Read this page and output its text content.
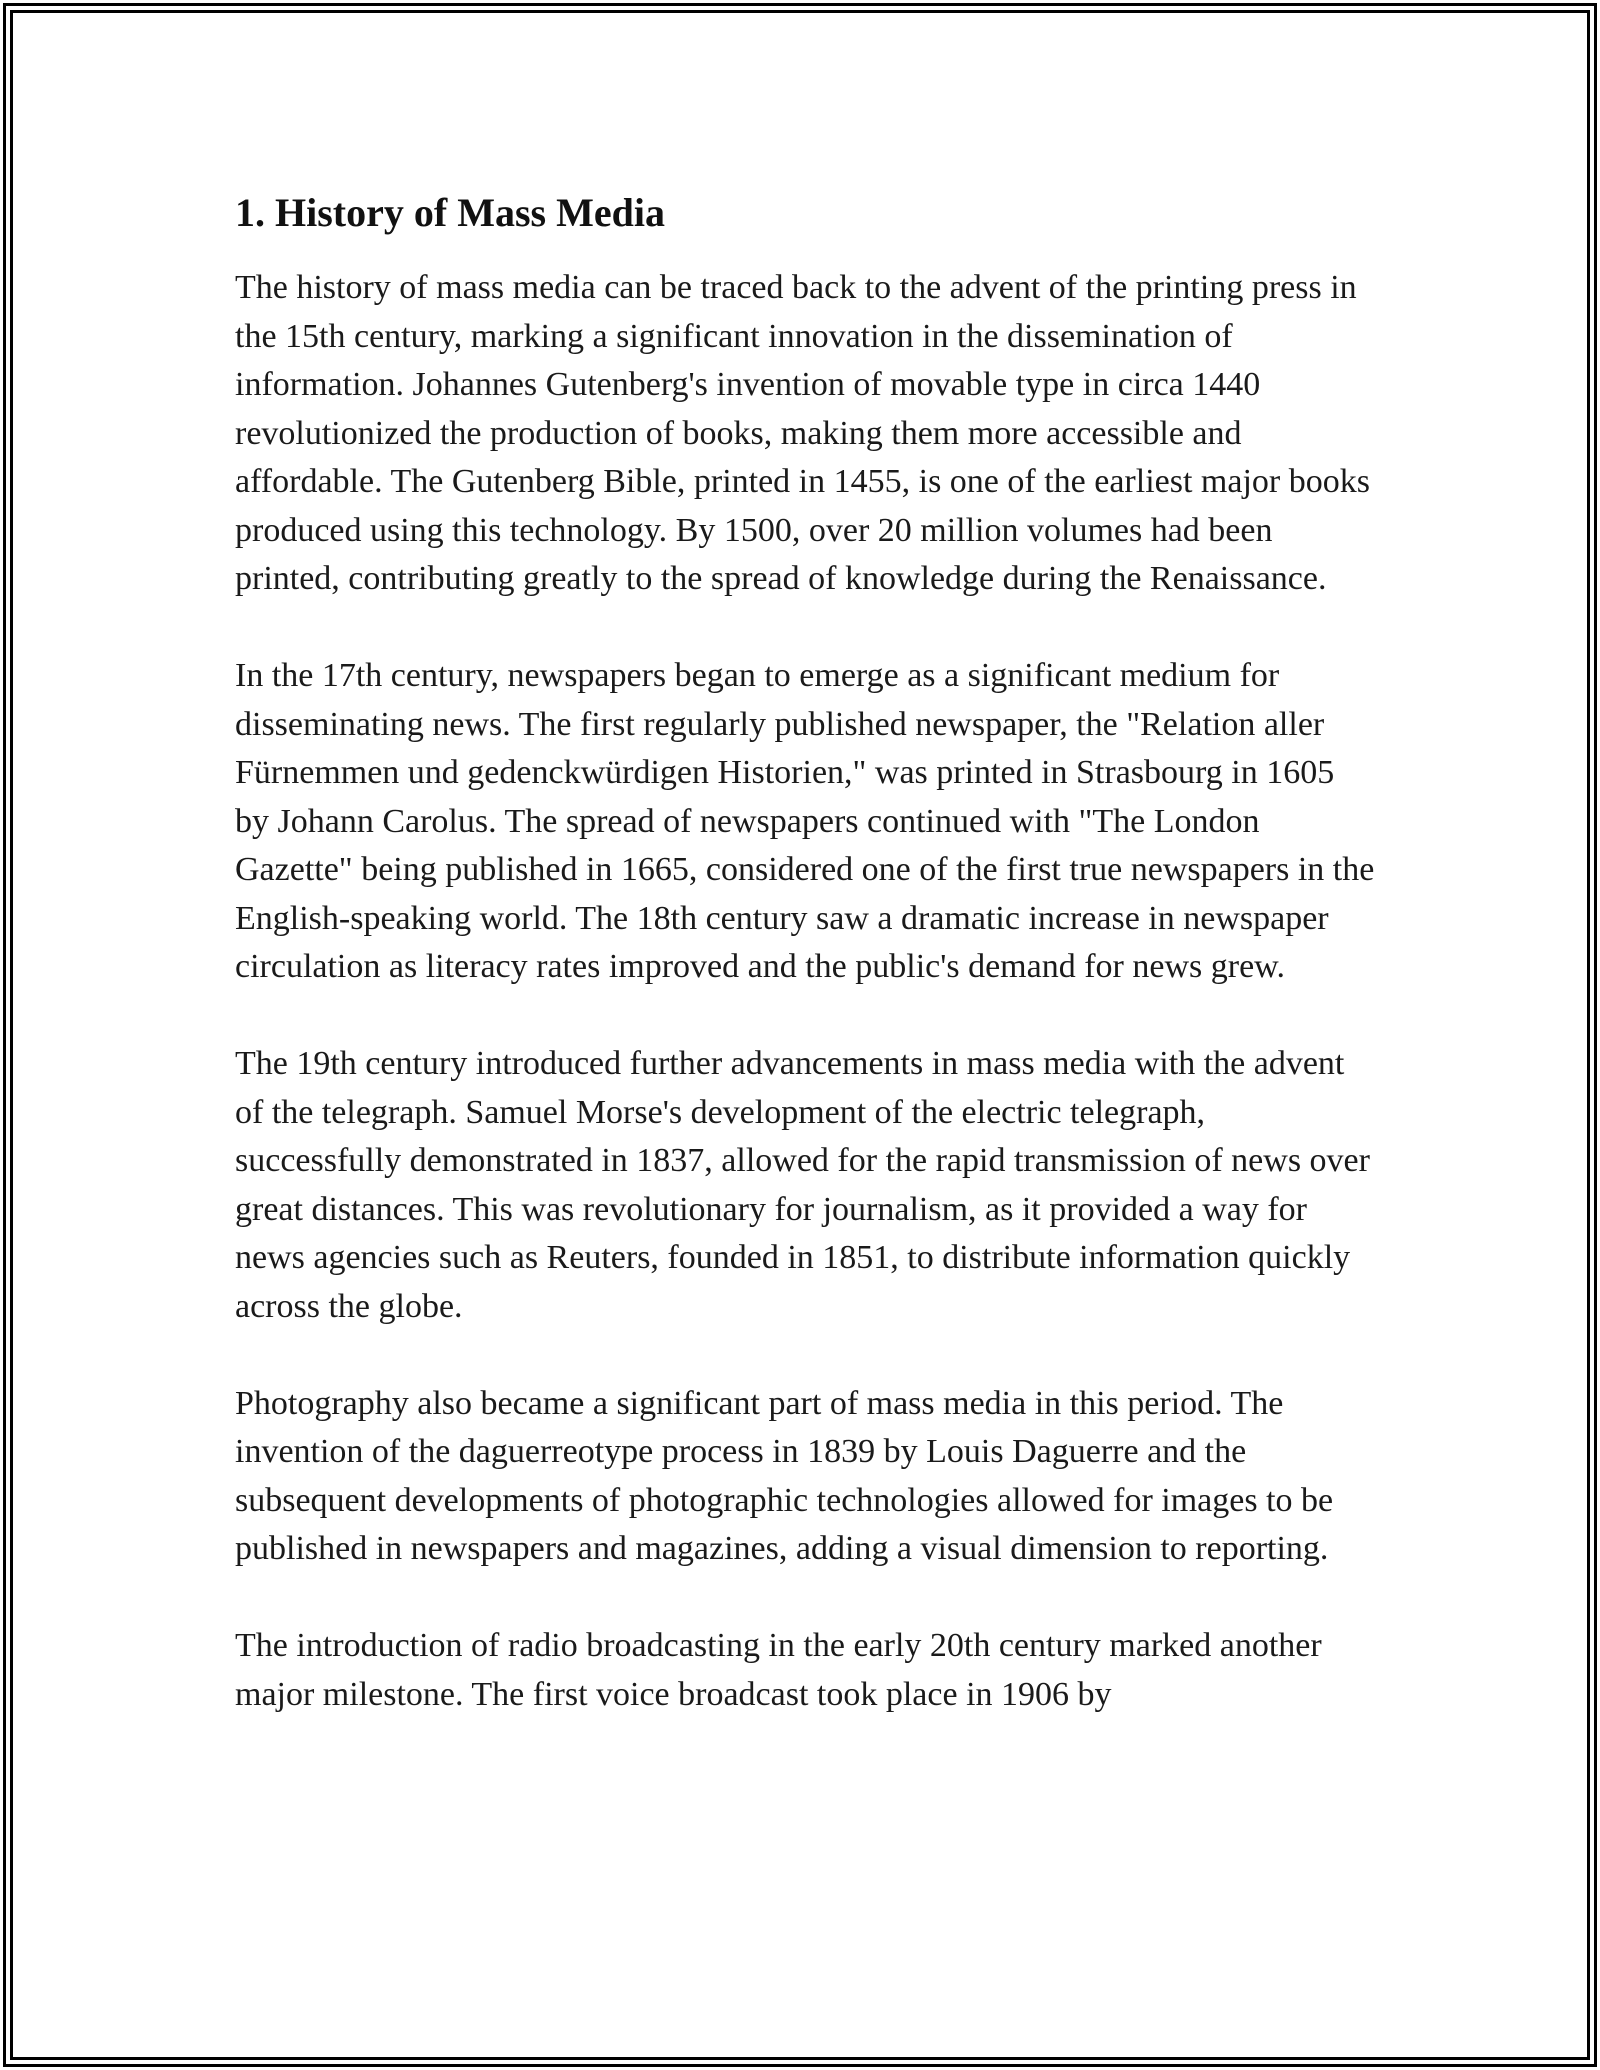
1. History of Mass Media

The history of mass media can be traced back to the advent of the printing press in the 15th century, marking a significant innovation in the dissemination of information. Johannes Gutenberg's invention of movable type in circa 1440 revolutionized the production of books, making them more accessible and affordable. The Gutenberg Bible, printed in 1455, is one of the earliest major books produced using this technology. By 1500, over 20 million volumes had been printed, contributing greatly to the spread of knowledge during the Renaissance.

In the 17th century, newspapers began to emerge as a significant medium for disseminating news. The first regularly published newspaper, the "Relation aller Fürnemmen und gedenckwürdigen Historien," was printed in Strasbourg in 1605 by Johann Carolus. The spread of newspapers continued with "The London Gazette" being published in 1665, considered one of the first true newspapers in the English-speaking world. The 18th century saw a dramatic increase in newspaper circulation as literacy rates improved and the public's demand for news grew.

The 19th century introduced further advancements in mass media with the advent of the telegraph. Samuel Morse's development of the electric telegraph, successfully demonstrated in 1837, allowed for the rapid transmission of news over great distances. This was revolutionary for journalism, as it provided a way for news agencies such as Reuters, founded in 1851, to distribute information quickly across the globe.

Photography also became a significant part of mass media in this period. The invention of the daguerreotype process in 1839 by Louis Daguerre and the subsequent developments of photographic technologies allowed for images to be published in newspapers and magazines, adding a visual dimension to reporting.

The introduction of radio broadcasting in the early 20th century marked another major milestone. The first voice broadcast took place in 1906 by
